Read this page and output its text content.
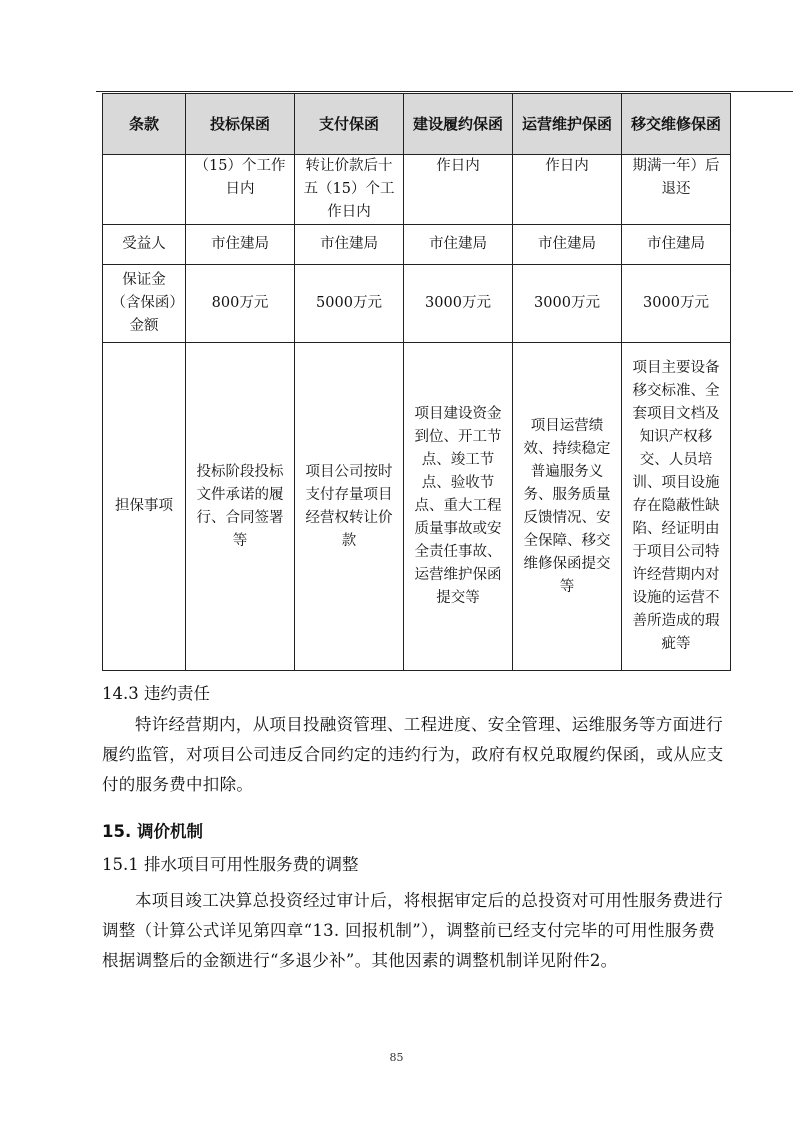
条款	投标保函	支付保函	建设履约保函	运营维护保函	移交维修保函
	（15）个工作日内	转让价款后十五（15）个工作日内	作日内	作日内	期满一年）后退还
受益人	市住建局	市住建局	市住建局	市住建局	市住建局
保证金（含保函）金额	800万元	5000万元	3000万元	3000万元	3000万元
担保事项	投标阶段投标文件承诺的履行、合同签署等	项目公司按时支付存量项目经营权转让价款	项目建设资金到位、开工节点、竣工节点、验收节点、重大工程质量事故或安全责任事故、运营维护保函提交等	项目运营绩效、持续稳定普遍服务义务、服务质量反馈情况、安全保障、移交维修保函提交等	项目主要设备移交标准、全套项目文档及知识产权移交、人员培训、项目设施存在隐蔽性缺陷、经证明由于项目公司特许经营期内对设施的运营不善所造成的瑕疵等
14.3 违约责任
特许经营期内，从项目投融资管理、工程进度、安全管理、运维服务等方面进行履约监管，对项目公司违反合同约定的违约行为，政府有权兑取履约保函，或从应支付的服务费中扣除。
15. 调价机制
15.1 排水项目可用性服务费的调整
本项目竣工决算总投资经过审计后，将根据审定后的总投资对可用性服务费进行调整（计算公式详见第四章“13. 回报机制”），调整前已经支付完毕的可用性服务费根据调整后的金额进行“多退少补”。其他因素的调整机制详见附件2。
85
